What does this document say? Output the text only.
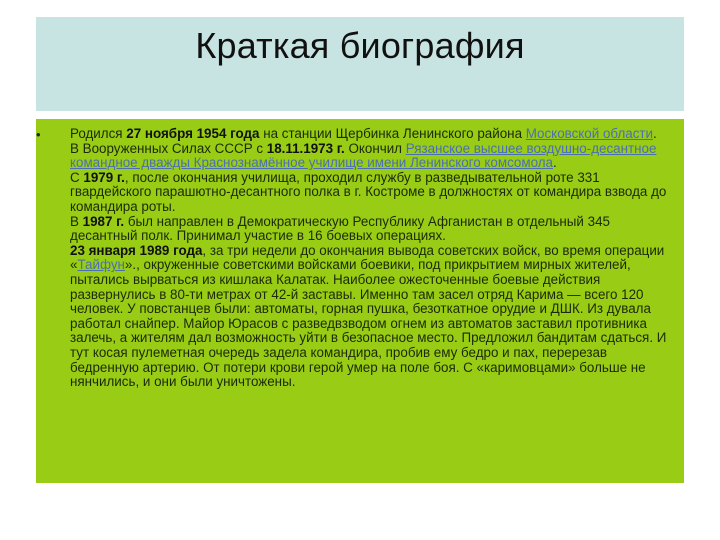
Краткая биография
• Родился 27 ноября 1954 года на станции Щербинка Ленинского района Московской области.

В Вооруженных Силах СССР с 18.11.1973 г. Окончил Рязанское высшее воздушно-десантное командное дважды Краснознамённое училище имени Ленинского комсомола.

С 1979 г., после окончания училища, проходил службу в разведывательной роте 331 гвардейского парашютно-десантного полка в г. Костроме в должностях от командира взвода до командира роты.

В 1987 г. был направлен в Демократическую Республику Афганистан в отдельный 345 десантный полк. Принимал участие в 16 боевых операциях.

23 января 1989 года, за три недели до окончания вывода советских войск, во время операции «Тайфун»., окруженные советскими войсками боевики, под прикрытием мирных жителей, пытались вырваться из кишлака Калатак. Наиболее ожесточенные боевые действия развернулись в 80-ти метрах от 42-й заставы. Именно там засел отряд Карима — всего 120 человек. У повстанцев были: автоматы, горная пушка, безоткатное орудие и ДШК. Из дувала работал снайпер. Майор Юрасов с разведвзводом огнем из автоматов заставил противника залечь, а жителям дал возможность уйти в безопасное место. Предложил бандитам сдаться. И тут косая пулеметная очередь задела командира, пробив ему бедро и пах, перерезав бедренную артерию. От потери крови герой умер на поле боя. С «каримовцами» больше не нянчились, и они были уничтожены.
